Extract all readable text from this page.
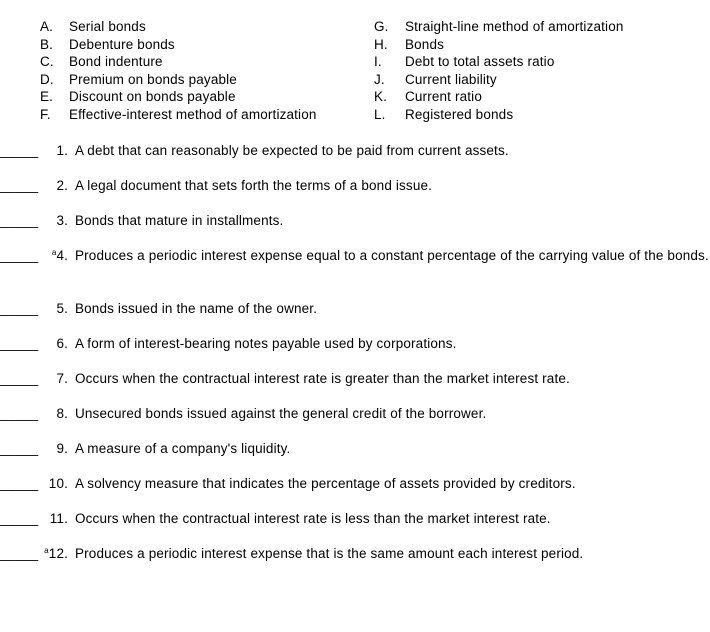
A. Serial bonds
B. Debenture bonds
C. Bond indenture
D. Premium on bonds payable
E. Discount on bonds payable
F. Effective-interest method of amortization
G. Straight-line method of amortization
H. Bonds
I. Debt to total assets ratio
J. Current liability
K. Current ratio
L. Registered bonds
_____ 1. A debt that can reasonably be expected to be paid from current assets.
_____ 2. A legal document that sets forth the terms of a bond issue.
_____ 3. Bonds that mature in installments.
_____ $^a$4. Produces a periodic interest expense equal to a constant percentage of the carrying value of the bonds.
_____ 5. Bonds issued in the name of the owner.
_____ 6. A form of interest-bearing notes payable used by corporations.
_____ 7. Occurs when the contractual interest rate is greater than the market interest rate.
_____ 8. Unsecured bonds issued against the general credit of the borrower.
_____ 9. A measure of a company's liquidity.
_____ 10. A solvency measure that indicates the percentage of assets provided by creditors.
_____ 11. Occurs when the contractual interest rate is less than the market interest rate.
_____ $^a$12. Produces a periodic interest expense that is the same amount each interest period.
